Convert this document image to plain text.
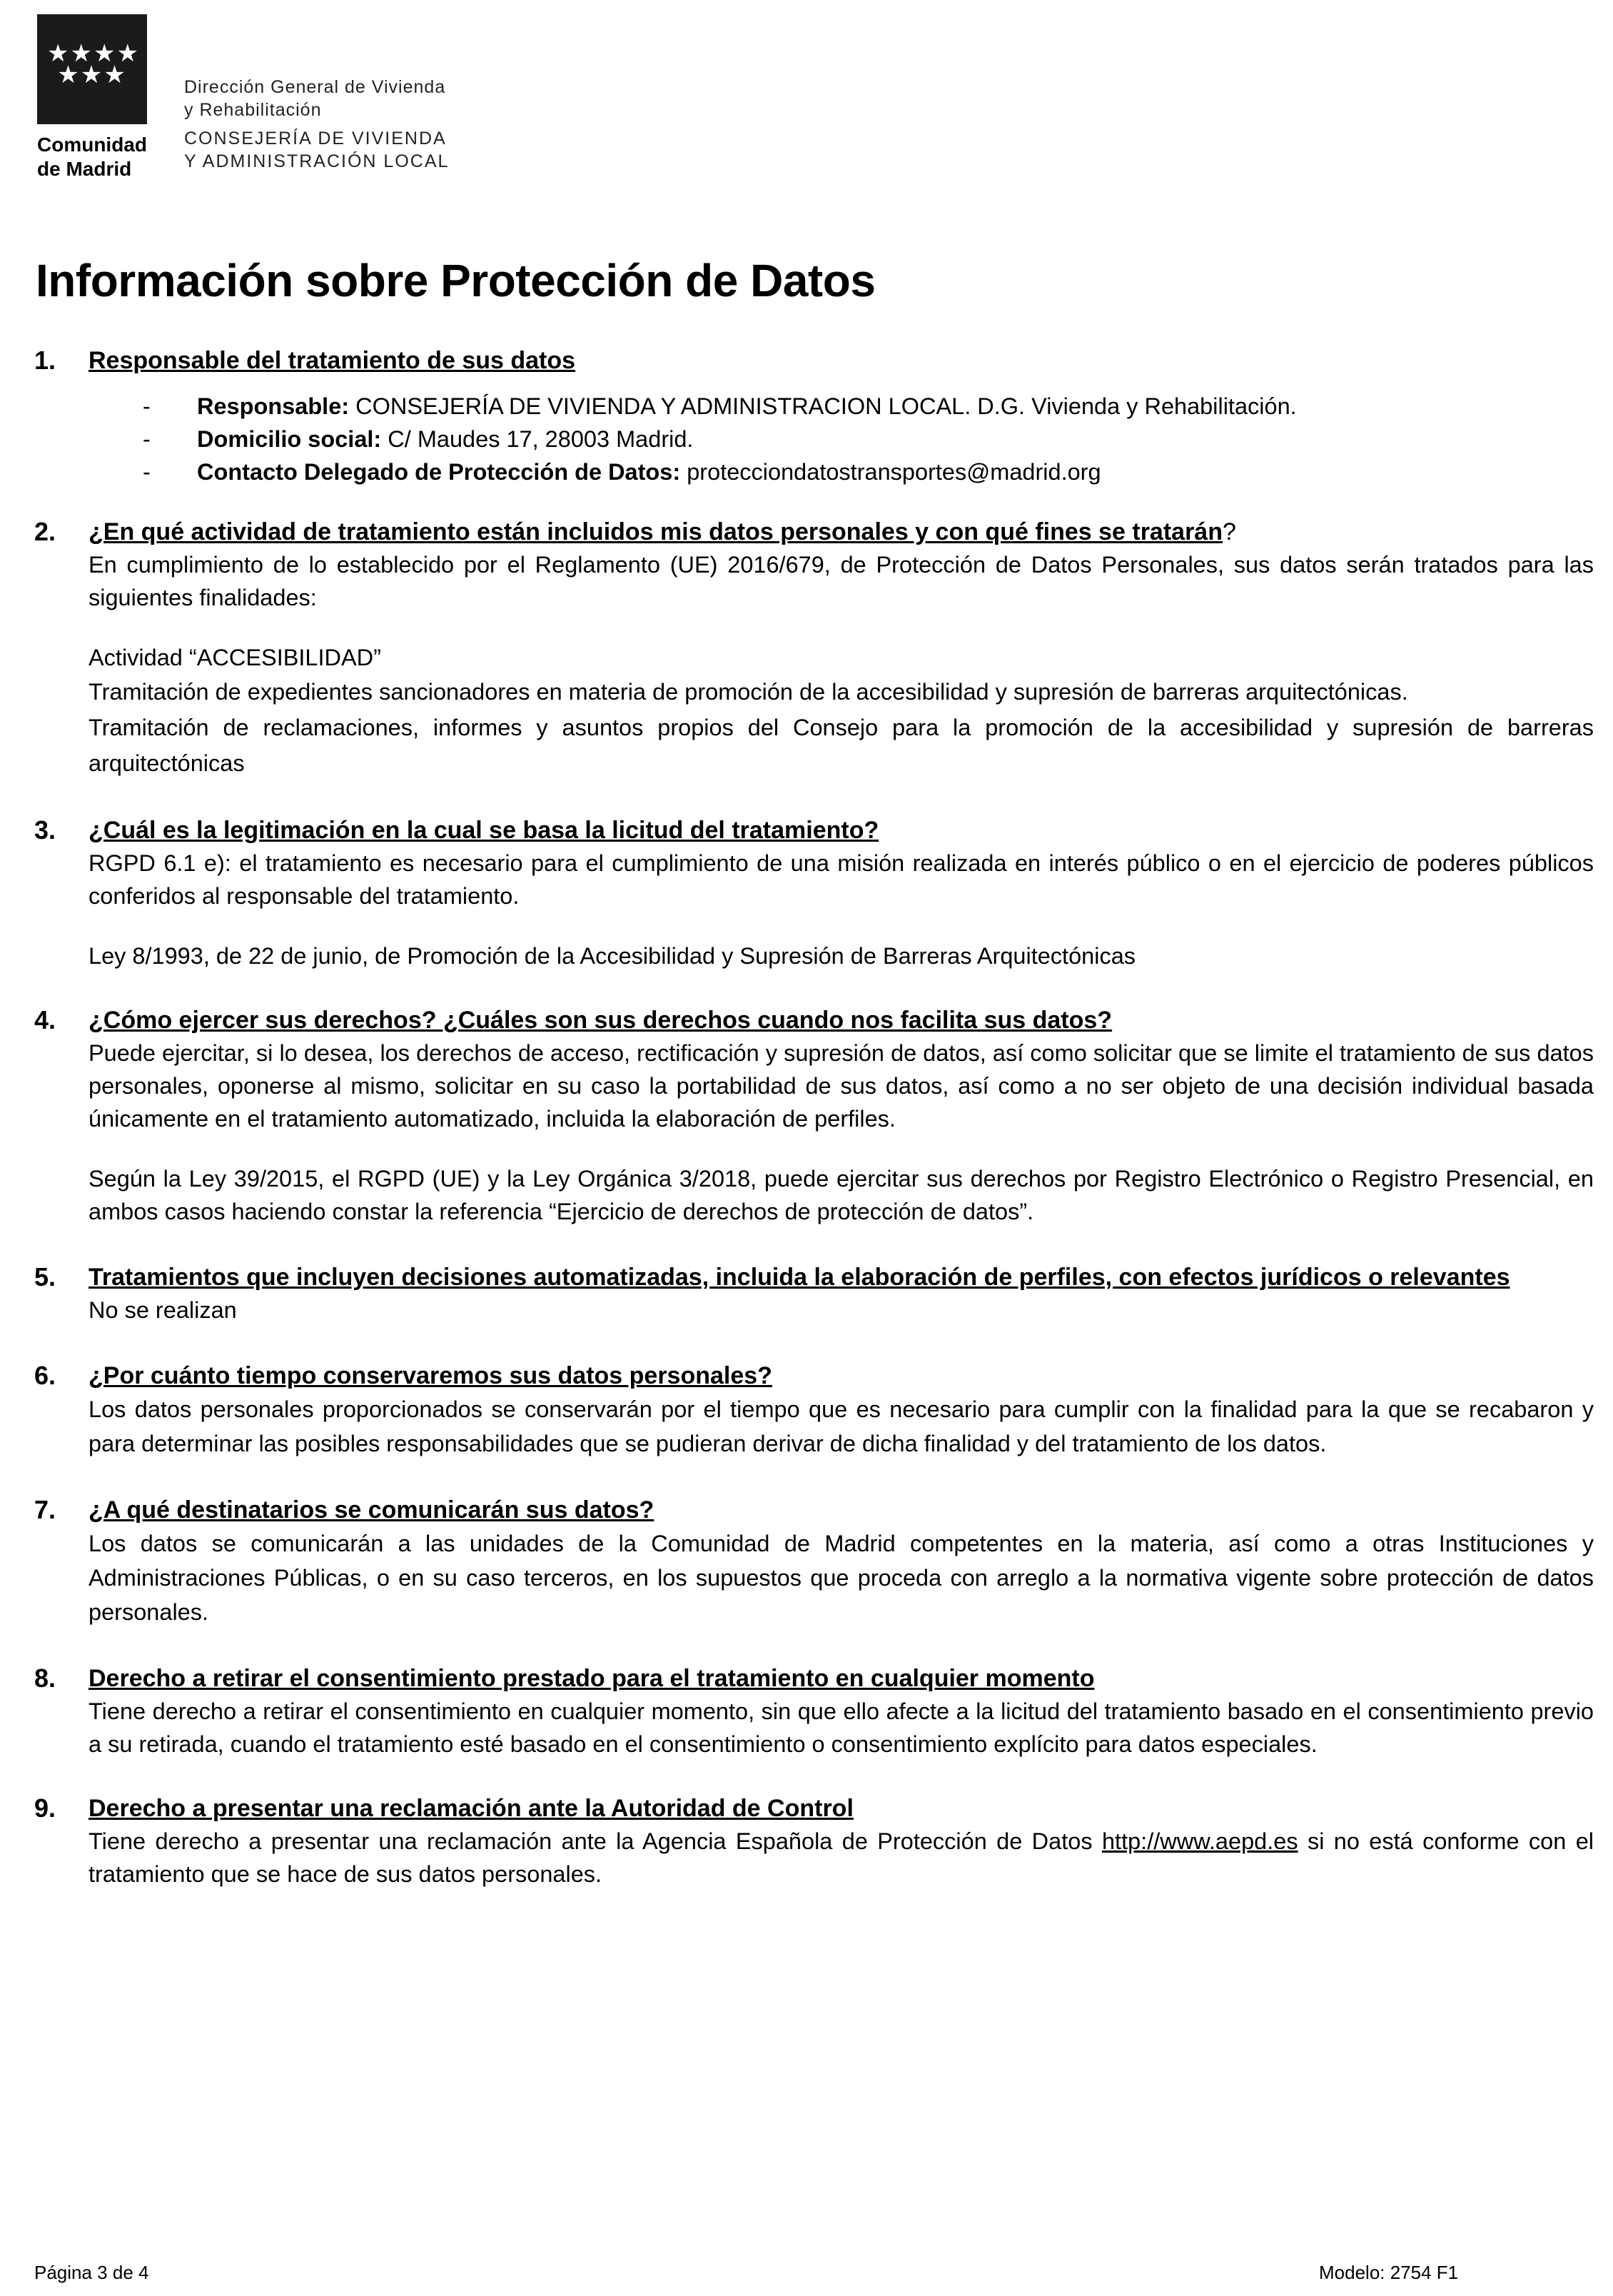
★★★★
★★★
Comunidad
de Madrid
Dirección General de Vivienda
y Rehabilitación
CONSEJERÍA DE VIVIENDA
Y ADMINISTRACIÓN LOCAL
Información sobre Protección de Datos
1. Responsable del tratamiento de sus datos
- Responsable: CONSEJERÍA DE VIVIENDA Y ADMINISTRACION LOCAL. D.G. Vivienda y Rehabilitación.
- Domicilio social: C/ Maudes 17, 28003 Madrid.
- Contacto Delegado de Protección de Datos: protecciondatostransportes@madrid.org
2. ¿En qué actividad de tratamiento están incluidos mis datos personales y con qué fines se tratarán?

En cumplimiento de lo establecido por el Reglamento (UE) 2016/679, de Protección de Datos Personales, sus datos serán tratados para las siguientes finalidades:

Actividad “ACCESIBILIDAD”

Tramitación de expedientes sancionadores en materia de promoción de la accesibilidad y supresión de barreras arquitectónicas.

Tramitación de reclamaciones, informes y asuntos propios del Consejo para la promoción de la accesibilidad y supresión de barreras arquitectónicas

3. ¿Cuál es la legitimación en la cual se basa la licitud del tratamiento?

RGPD 6.1 e): el tratamiento es necesario para el cumplimiento de una misión realizada en interés público o en el ejercicio de poderes públicos conferidos al responsable del tratamiento.

Ley 8/1993, de 22 de junio, de Promoción de la Accesibilidad y Supresión de Barreras Arquitectónicas

4. ¿Cómo ejercer sus derechos? ¿Cuáles son sus derechos cuando nos facilita sus datos?

Puede ejercitar, si lo desea, los derechos de acceso, rectificación y supresión de datos, así como solicitar que se limite el tratamiento de sus datos personales, oponerse al mismo, solicitar en su caso la portabilidad de sus datos, así como a no ser objeto de una decisión individual basada únicamente en el tratamiento automatizado, incluida la elaboración de perfiles.

Según la Ley 39/2015, el RGPD (UE) y la Ley Orgánica 3/2018, puede ejercitar sus derechos por Registro Electrónico o Registro Presencial, en ambos casos haciendo constar la referencia “Ejercicio de derechos de protección de datos”.

5. Tratamientos que incluyen decisiones automatizadas, incluida la elaboración de perfiles, con efectos jurídicos o relevantes

No se realizan

6. ¿Por cuánto tiempo conservaremos sus datos personales?

Los datos personales proporcionados se conservarán por el tiempo que es necesario para cumplir con la finalidad para la que se recabaron y para determinar las posibles responsabilidades que se pudieran derivar de dicha finalidad y del tratamiento de los datos.

7. ¿A qué destinatarios se comunicarán sus datos?

Los datos se comunicarán a las unidades de la Comunidad de Madrid competentes en la materia, así como a otras Instituciones y Administraciones Públicas, o en su caso terceros, en los supuestos que proceda con arreglo a la normativa vigente sobre protección de datos personales.

8. Derecho a retirar el consentimiento prestado para el tratamiento en cualquier momento

Tiene derecho a retirar el consentimiento en cualquier momento, sin que ello afecte a la licitud del tratamiento basado en el consentimiento previo a su retirada, cuando el tratamiento esté basado en el consentimiento o consentimiento explícito para datos especiales.

9. Derecho a presentar una reclamación ante la Autoridad de Control

Tiene derecho a presentar una reclamación ante la Agencia Española de Protección de Datos http://www.aepd.es si no está conforme con el tratamiento que se hace de sus datos personales.

Página 3 de 4	Modelo: 2754 F1
